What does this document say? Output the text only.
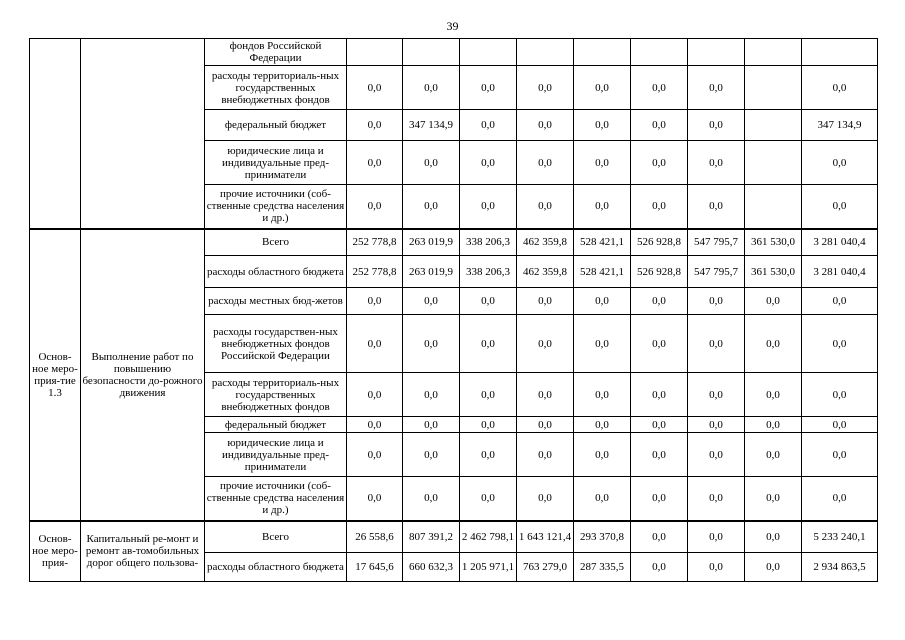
39
		фондов Российской Федерации									
		расходы территориаль-ных государственных внебюджетных фондов	0,0	0,0	0,0	0,0	0,0	0,0	0,0		0,0
		федеральный бюджет	0,0	347 134,9	0,0	0,0	0,0	0,0	0,0		347 134,9
		юридические лица и индивидуальные пред-приниматели	0,0	0,0	0,0	0,0	0,0	0,0	0,0		0,0
		прочие источники (соб-ственные средства населения и др.)	0,0	0,0	0,0	0,0	0,0	0,0	0,0		0,0
Основ-ное меро-прия-тие 1.3	Выполнение работ по повышению безопасности до-рожного движения	Всего	252 778,8	263 019,9	338 206,3	462 359,8	528 421,1	526 928,8	547 795,7	361 530,0	3 281 040,4
		расходы областного бюджета	252 778,8	263 019,9	338 206,3	462 359,8	528 421,1	526 928,8	547 795,7	361 530,0	3 281 040,4
		расходы местных бюд-жетов	0,0	0,0	0,0	0,0	0,0	0,0	0,0	0,0	0,0
		расходы государствен-ных внебюджетных фондов Российской Федерации	0,0	0,0	0,0	0,0	0,0	0,0	0,0	0,0	0,0
		расходы территориаль-ных государственных внебюджетных фондов	0,0	0,0	0,0	0,0	0,0	0,0	0,0	0,0	0,0
		федеральный бюджет	0,0	0,0	0,0	0,0	0,0	0,0	0,0	0,0	0,0
		юридические лица и индивидуальные пред-приниматели	0,0	0,0	0,0	0,0	0,0	0,0	0,0	0,0	0,0
		прочие источники (соб-ственные средства населения и др.)	0,0	0,0	0,0	0,0	0,0	0,0	0,0	0,0	0,0
Основ-ное меро-прия-	Капитальный ре-монт и ремонт ав-томобильных дорог общего пользова-	Всего	26 558,6	807 391,2	2 462 798,1	1 643 121,4	293 370,8	0,0	0,0	0,0	5 233 240,1
		расходы областного бюджета	17 645,6	660 632,3	1 205 971,1	763 279,0	287 335,5	0,0	0,0	0,0	2 934 863,5
